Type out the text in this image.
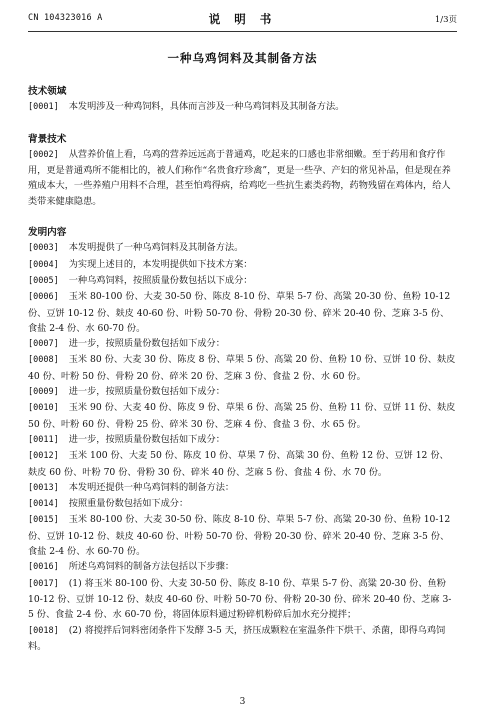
CN 104323016 A	说 明 书	1/3页
一种乌鸡饲料及其制备方法
技术领域
[0001] 本发明涉及一种鸡饲料，具体而言涉及一种乌鸡饲料及其制备方法。
背景技术
[0002] 从营养价值上看，乌鸡的营养远远高于普通鸡，吃起来的口感也非常细嫩。至于药用和食疗作用，更是普通鸡所不能相比的，被人们称作“名贵食疗珍禽”，更是一些孕、产妇的常见补品，但是现在养殖成本大，一些养殖户用料不合理，甚至怕鸡得病，给鸡吃一些抗生素类药物，药物残留在鸡体内，给人类带来健康隐患。
发明内容
[0003] 本发明提供了一种乌鸡饲料及其制备方法。
[0004] 为实现上述目的，本发明提供如下技术方案：
[0005] 一种乌鸡饲料，按照质量份数包括以下成分：
[0006] 玉米 80-100 份、大麦 30-50 份、陈皮 8-10 份、草果 5-7 份、高粱 20-30 份、鱼粉 10-12 份、豆饼 10-12 份、麸皮 40-60 份、叶粉 50-70 份、骨粉 20-30 份、碎米 20-40 份、芝麻 3-5 份、食盐 2-4 份、水 60-70 份。
[0007] 进一步，按照质量份数包括如下成分：
[0008] 玉米 80 份、大麦 30 份、陈皮 8 份、草果 5 份、高粱 20 份、鱼粉 10 份、豆饼 10 份、麸皮 40 份、叶粉 50 份、骨粉 20 份、碎米 20 份、芝麻 3 份、食盐 2 份、水 60 份。
[0009] 进一步，按照质量份数包括如下成分：
[0010] 玉米 90 份、大麦 40 份、陈皮 9 份、草果 6 份、高粱 25 份、鱼粉 11 份、豆饼 11 份、麸皮 50 份、叶粉 60 份、骨粉 25 份、碎米 30 份、芝麻 4 份、食盐 3 份、水 65 份。
[0011] 进一步，按照质量份数包括如下成分：
[0012] 玉米 100 份、大麦 50 份、陈皮 10 份、草果 7 份、高粱 30 份、鱼粉 12 份、豆饼 12 份、麸皮 60 份、叶粉 70 份、骨粉 30 份、碎米 40 份、芝麻 5 份、食盐 4 份、水 70 份。
[0013] 本发明还提供一种乌鸡饲料的制备方法：
[0014] 按照重量份数包括如下成分：
[0015] 玉米 80-100 份、大麦 30-50 份、陈皮 8-10 份、草果 5-7 份、高粱 20-30 份、鱼粉 10-12 份、豆饼 10-12 份、麸皮 40-60 份、叶粉 50-70 份、骨粉 20-30 份、碎米 20-40 份、芝麻 3-5 份、食盐 2-4 份、水 60-70 份。
[0016] 所述乌鸡饲料的制备方法包括以下步骤：
[0017] (1) 将玉米 80-100 份、大麦 30-50 份、陈皮 8-10 份、草果 5-7 份、高粱 20-30 份、鱼粉 10-12 份、豆饼 10-12 份、麸皮 40-60 份、叶粉 50-70 份、骨粉 20-30 份、碎米 20-40 份、芝麻 3-5 份、食盐 2-4 份、水 60-70 份，将固体原料通过粉碎机粉碎后加水充分搅拌；
[0018] (2) 将搅拌后饲料密闭条件下发酵 3-5 天，挤压成颗粒在室温条件下烘干、杀菌，即得乌鸡饲料。
3
